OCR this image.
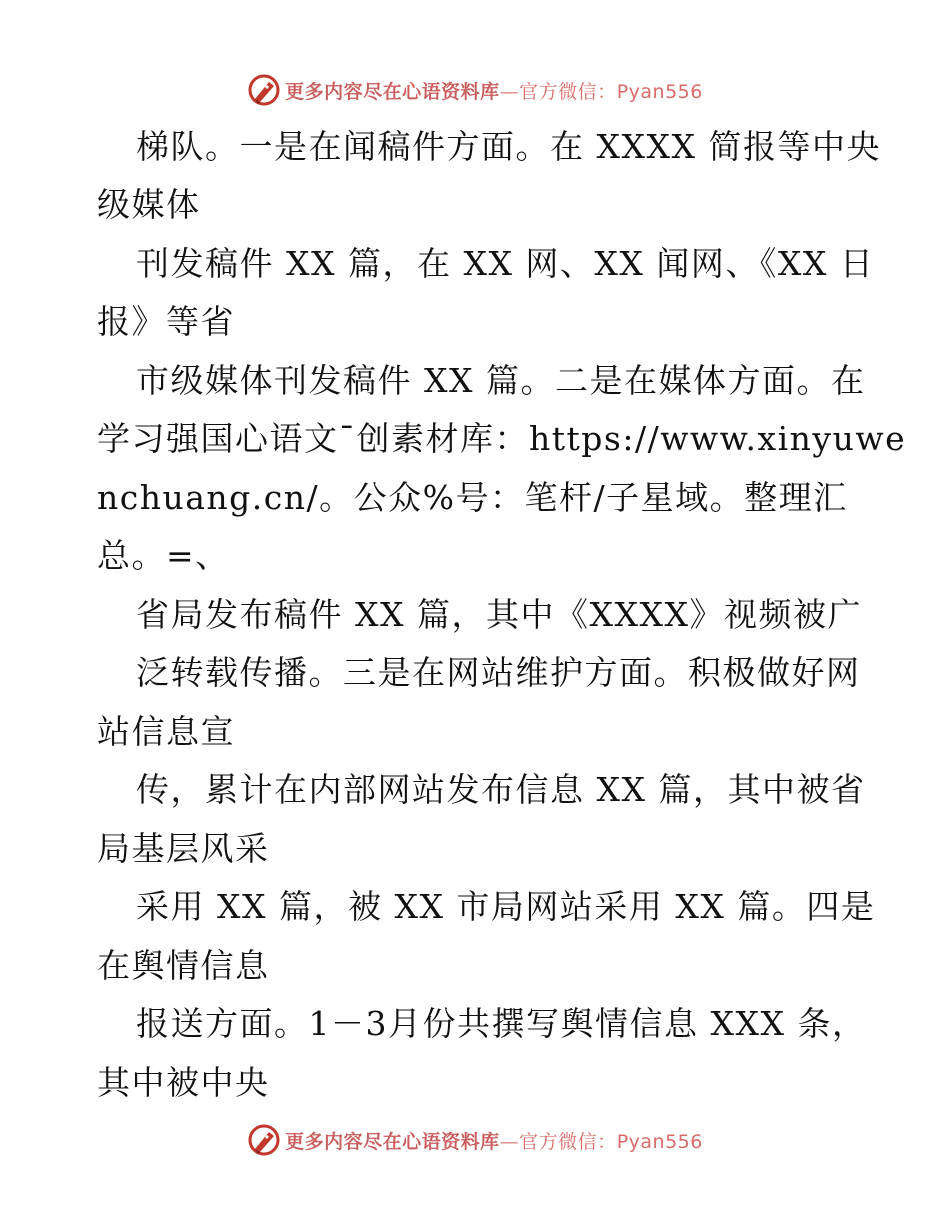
更多内容尽在心语资料库—官方微信：Pyan556
梯队。一是在闻稿件方面。在 XXXX 简报等中央
级媒体
刊发稿件 XX 篇，在 XX 网、XX 闻网、《XX 日
报》等省
市级媒体刊发稿件 XX 篇。二是在媒体方面。在
学习强国心语文¯创素材库：https://www.xinyuwe
nchuang.cn/。公众%号：笔杆/子星域。整理汇
总。=、
省局发布稿件 XX 篇，其中《XXXX》视频被广
泛转载传播。三是在网站维护方面。积极做好网
站信息宣
传，累计在内部网站发布信息 XX 篇，其中被省
局基层风采
采用 XX 篇，被 XX 市局网站采用 XX 篇。四是
在舆情信息
报送方面。1－3月份共撰写舆情信息 XXX 条，
其中被中央
更多内容尽在心语资料库—官方微信：Pyan556
